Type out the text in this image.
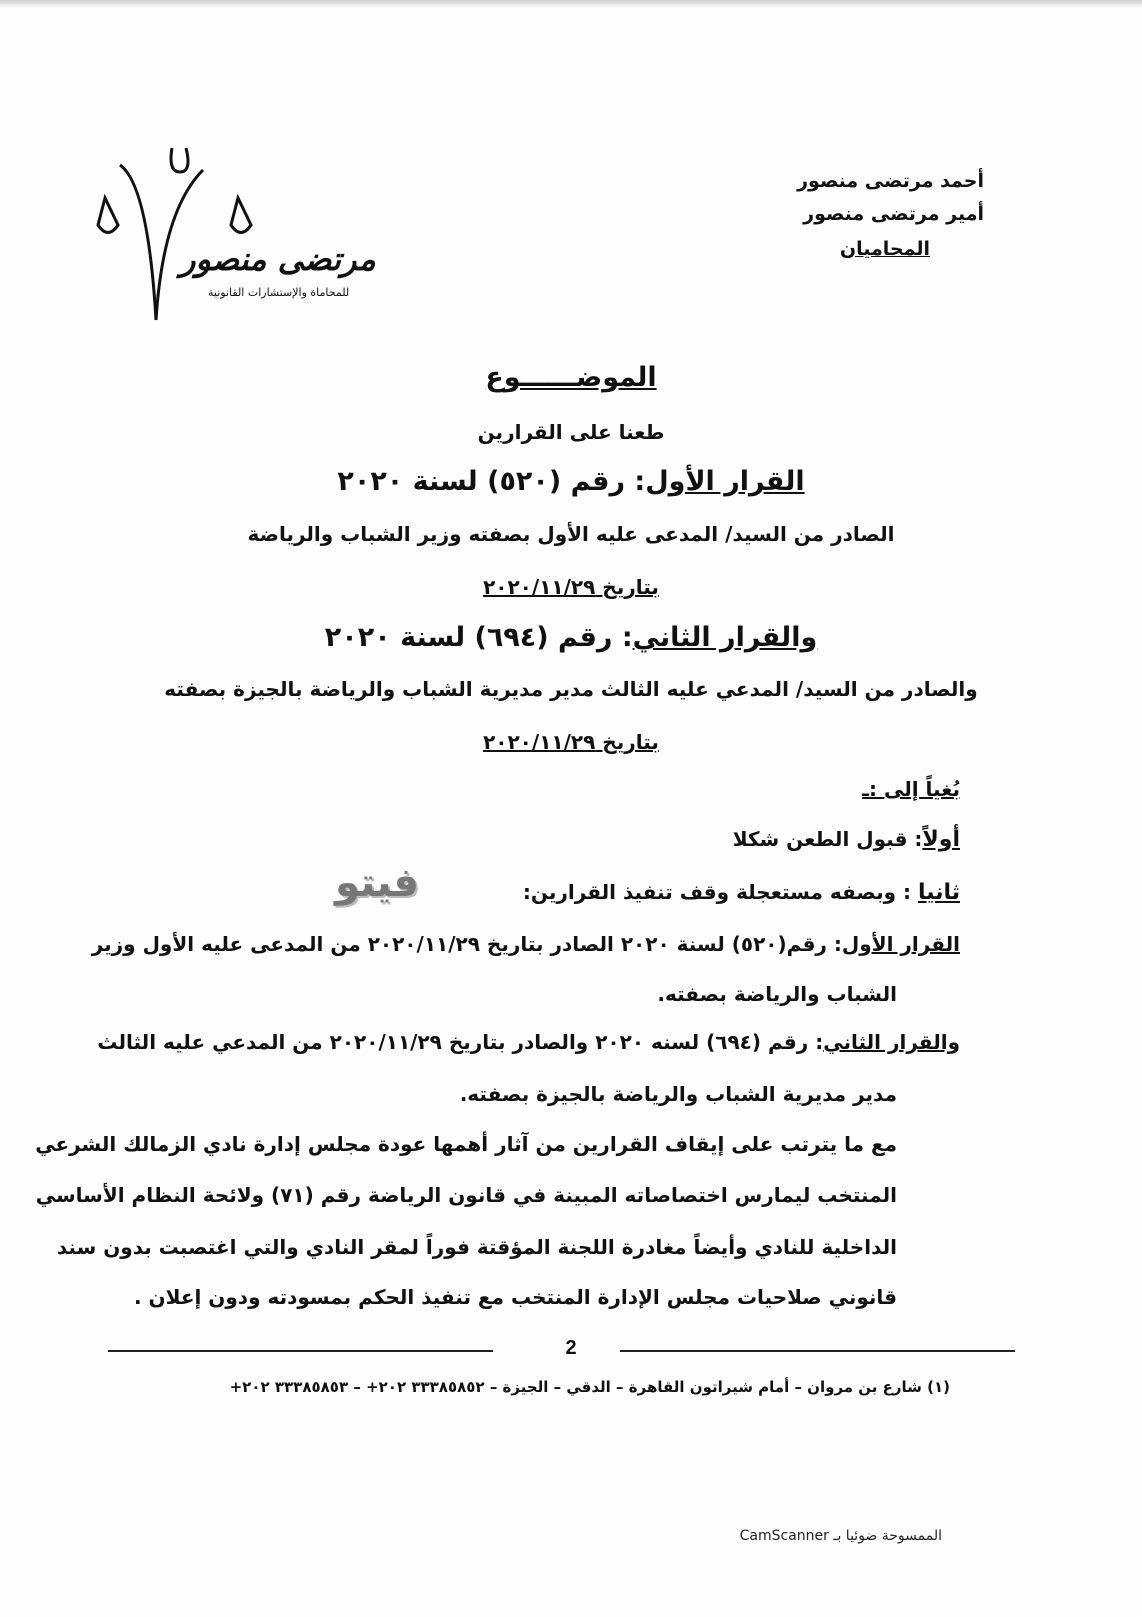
مرتضى منصور
للمحاماة والإستشارات القانونية
أحمد مرتضى منصور
أمير مرتضى منصور
المحاميان
الموضــــــوع
طعنا على القرارين
القرار الأول: رقم (٥٢٠) لسنة ٢٠٢٠
الصادر من السيد/ المدعى عليه الأول بصفته وزير الشباب والرياضة
بتاريخ ٢٠٢٠/١١/٢٩
والقرار الثاني: رقم (٦٩٤) لسنة ٢٠٢٠
والصادر من السيد/ المدعي عليه الثالث مدير مديرية الشباب والرياضة بالجيزة بصفته
بتاريخ ٢٠٢٠/١١/٢٩
بُغياً إلى :ـ
أولاً: قبول الطعن شكلا
ثانيا : وبصفه مستعجلة وقف تنفيذ القرارين:
القرار الأول: رقم(٥٢٠) لسنة ٢٠٢٠ الصادر بتاريخ ٢٠٢٠/١١/٢٩ من المدعى عليه الأول وزير
الشباب والرياضة بصفته.
والقرار الثاني: رقم (٦٩٤) لسنه ٢٠٢٠ والصادر بتاريخ ٢٠٢٠/١١/٢٩ من المدعي عليه الثالث
مدير مديرية الشباب والرياضة بالجيزة بصفته.
مع ما يترتب على إيقاف القرارين من آثار أهمها عودة مجلس إدارة نادي الزمالك الشرعي
المنتخب ليمارس اختصاصاته المبينة في قانون الرياضة رقم (٧١) ولائحة النظام الأساسي
الداخلية للنادي وأيضاً مغادرة اللجنة المؤقتة فوراً لمقر النادي والتي اغتصبت بدون سند
قانوني صلاحيات مجلس الإدارة المنتخب مع تنفيذ الحكم بمسودته ودون إعلان .
فيتو
2
(١) شارع بن مروان – أمام شيراتون القاهرة – الدقي – الجيزة – ٣٣٣٨٥٨٥٢ ٢٠٢+ – ٣٣٣٨٥٨٥٣ ٢٠٢+
الممسوحة ضوئيا بـ CamScanner
